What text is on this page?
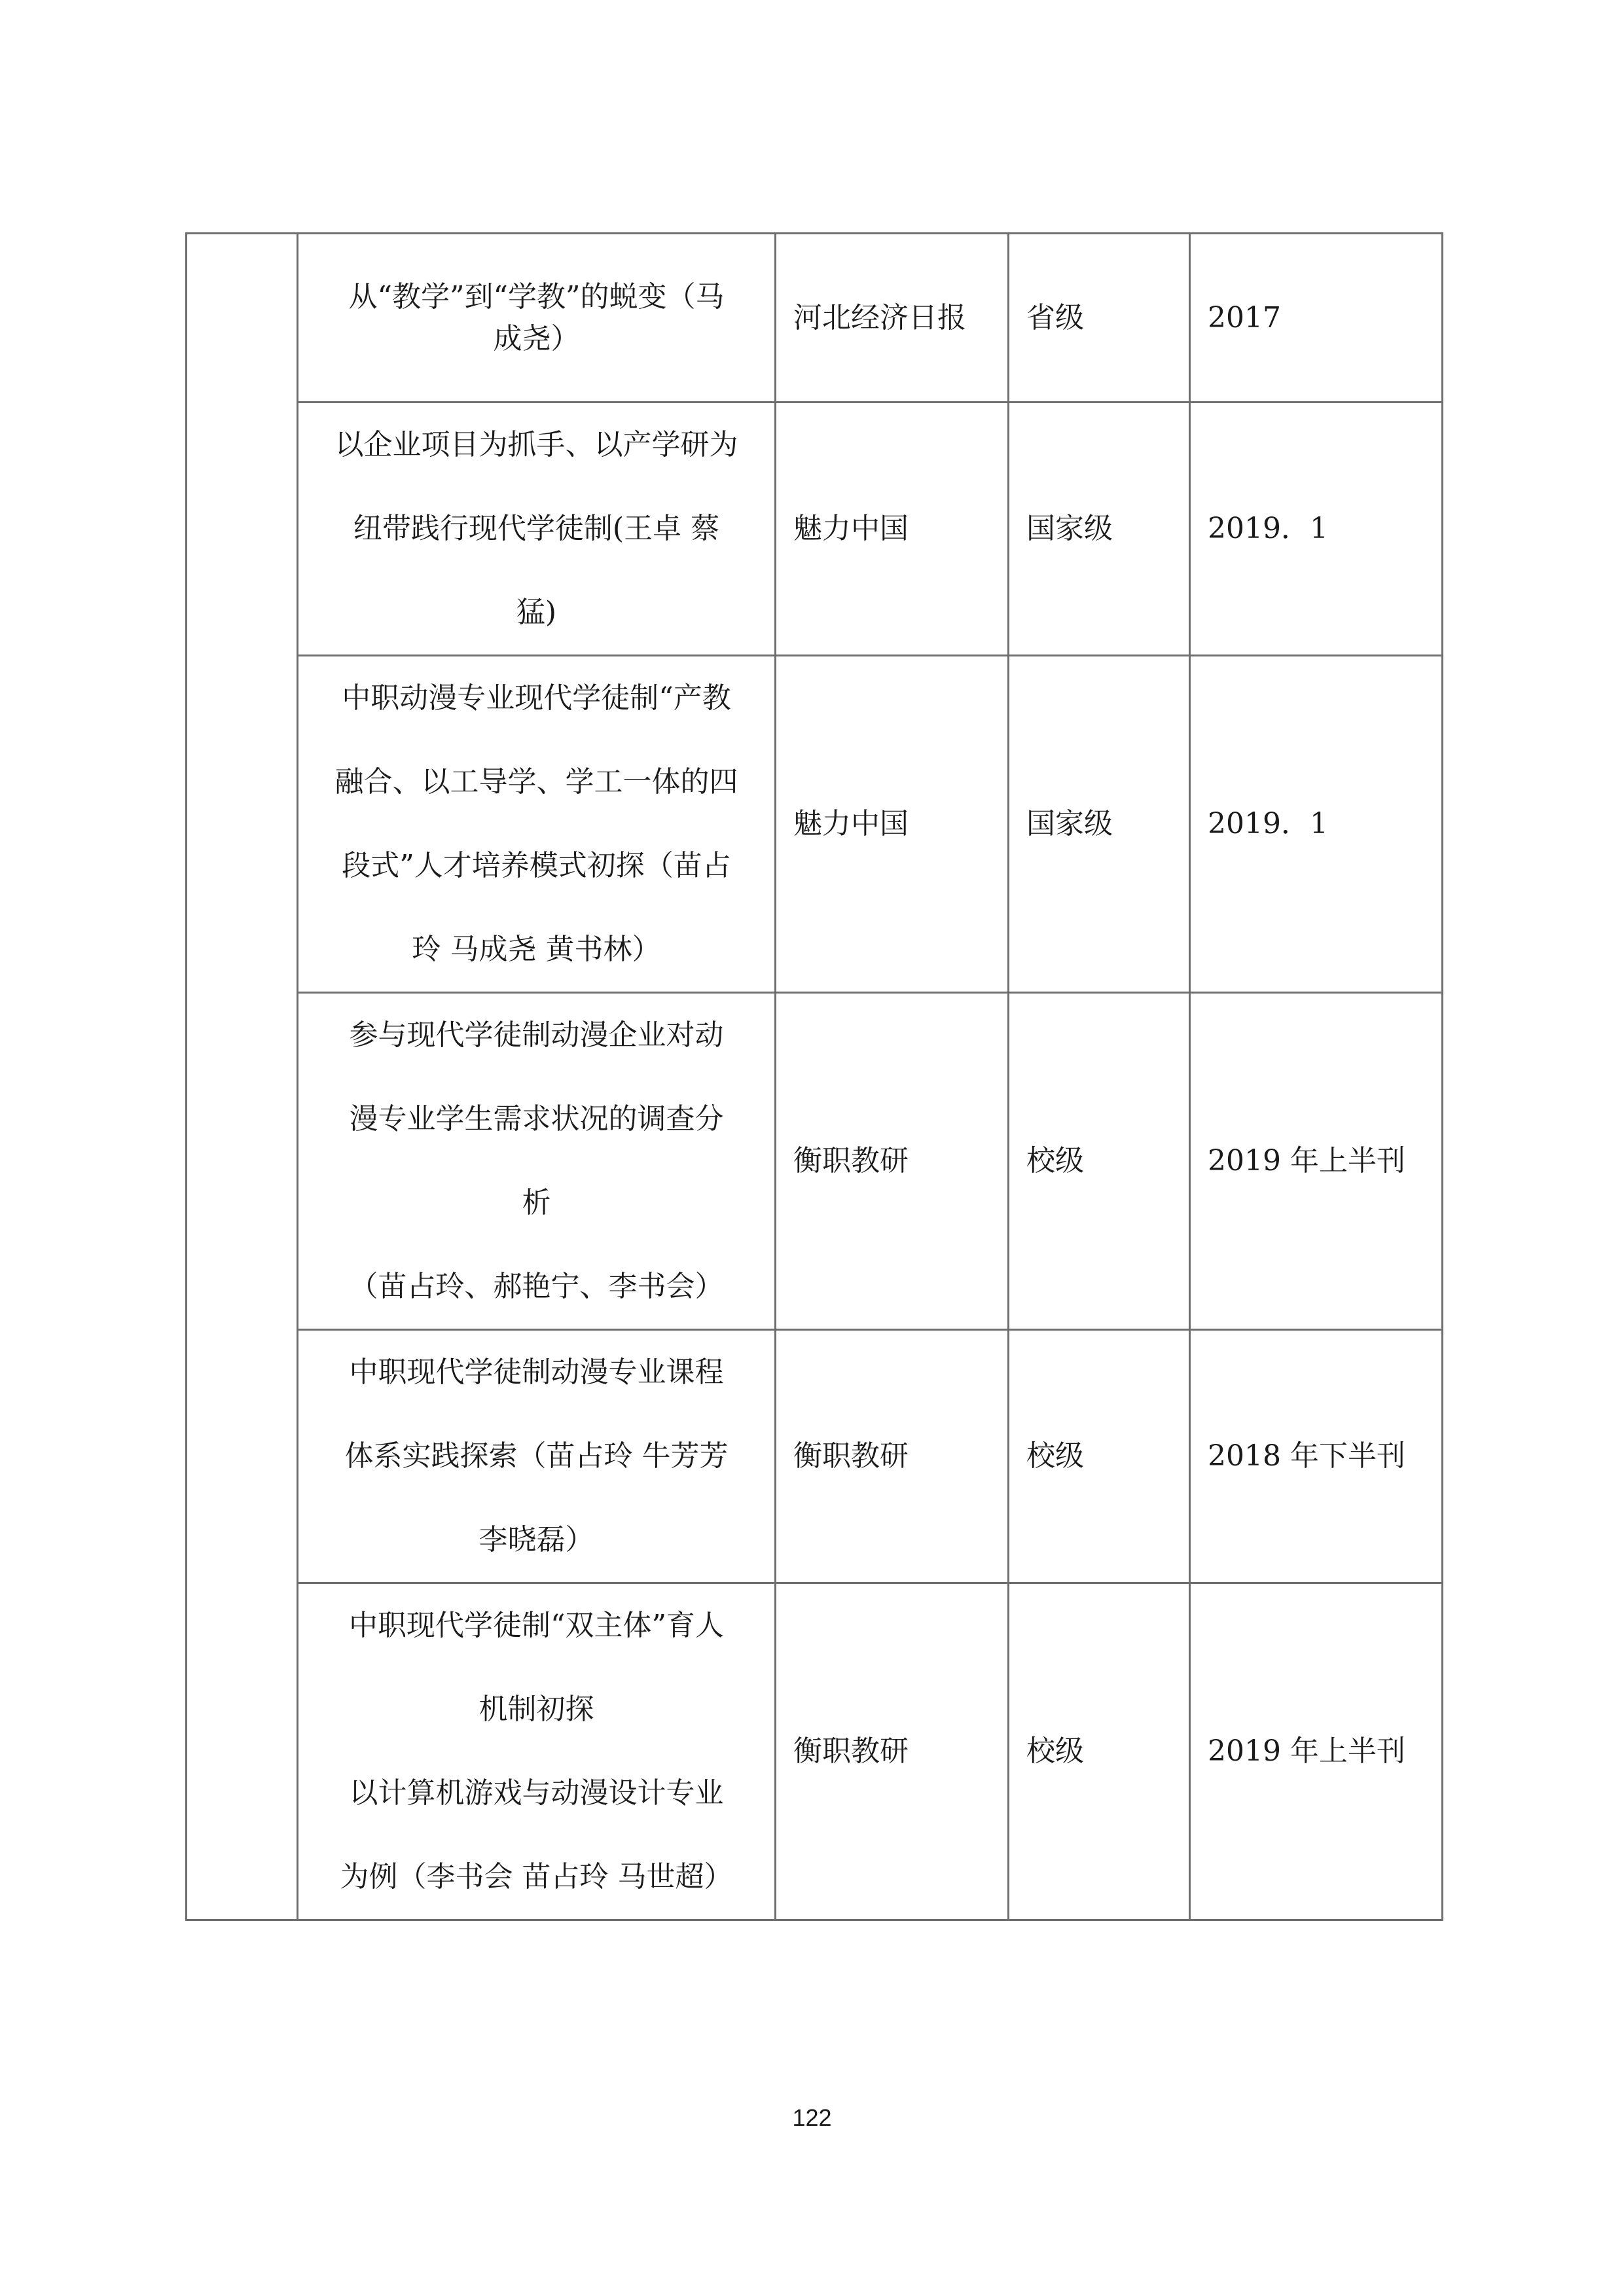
	从“教学”到“学教”的蜕变（马
成尧）	河北经济日报	省级	2017

	以企业项目为抓手、以产学研为
纽带践行现代学徒制(王卓 蔡
猛)	魅力中国	国家级	2019．1

	中职动漫专业现代学徒制“产教
融合、以工导学、学工一体的四
段式”人才培养模式初探（苗占
玲 马成尧 黄书林）	魅力中国	国家级	2019．1

	参与现代学徒制动漫企业对动
漫专业学生需求状况的调查分
析
（苗占玲、郝艳宁、李书会）	衡职教研	校级	2019 年上半刊

	中职现代学徒制动漫专业课程
体系实践探索（苗占玲 牛芳芳
李晓磊）	衡职教研	校级	2018 年下半刊

	中职现代学徒制“双主体”育人
机制初探
以计算机游戏与动漫设计专业
为例（李书会 苗占玲 马世超）	衡职教研	校级	2019 年上半刊
122
